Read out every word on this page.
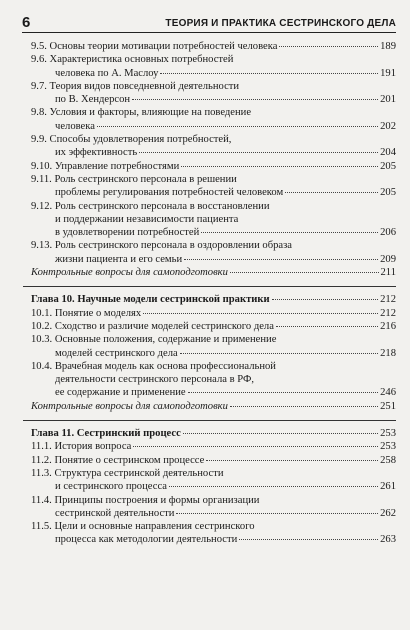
6	ТЕОРИЯ И ПРАКТИКА СЕСТРИНСКОГО ДЕЛА
9.5. Основы теории мотивации потребностей человека	189
9.6. Характеристика основных потребностей
человека по А. Маслоу	191
9.7. Теория видов повседневной деятельности
по В. Хендерсон	201
9.8. Условия и факторы, влияющие на поведение
человека	202
9.9. Способы удовлетворения потребностей,
их эффективность	204
9.10. Управление потребностями	205
9.11. Роль сестринского персонала в решении
проблемы регулирования потребностей человеком	205
9.12. Роль сестринского персонала в восстановлении
и поддержании независимости пациента
в удовлетворении потребностей	206
9.13. Роль сестринского персонала в оздоровлении образа
жизни пациента и его семьи	209
Контрольные вопросы для самоподготовки	211
Глава 10. Научные модели сестринской практики	212
10.1. Понятие о моделях	212
10.2. Сходство и различие моделей сестринского дела	216
10.3. Основные положения, содержание и применение
моделей сестринского дела	218
10.4. Врачебная модель как основа профессиональной
деятельности сестринского персонала в РФ,
ее содержание и применение	246
Контрольные вопросы для самоподготовки	251
Глава 11. Сестринский процесс	253
11.1. История вопроса	253
11.2. Понятие о сестринском процессе	258
11.3. Структура сестринской деятельности
и сестринского процесса	261
11.4. Принципы построения и формы организации
сестринской деятельности	262
11.5. Цели и основные направления сестринского
процесса как методологии деятельности	263
